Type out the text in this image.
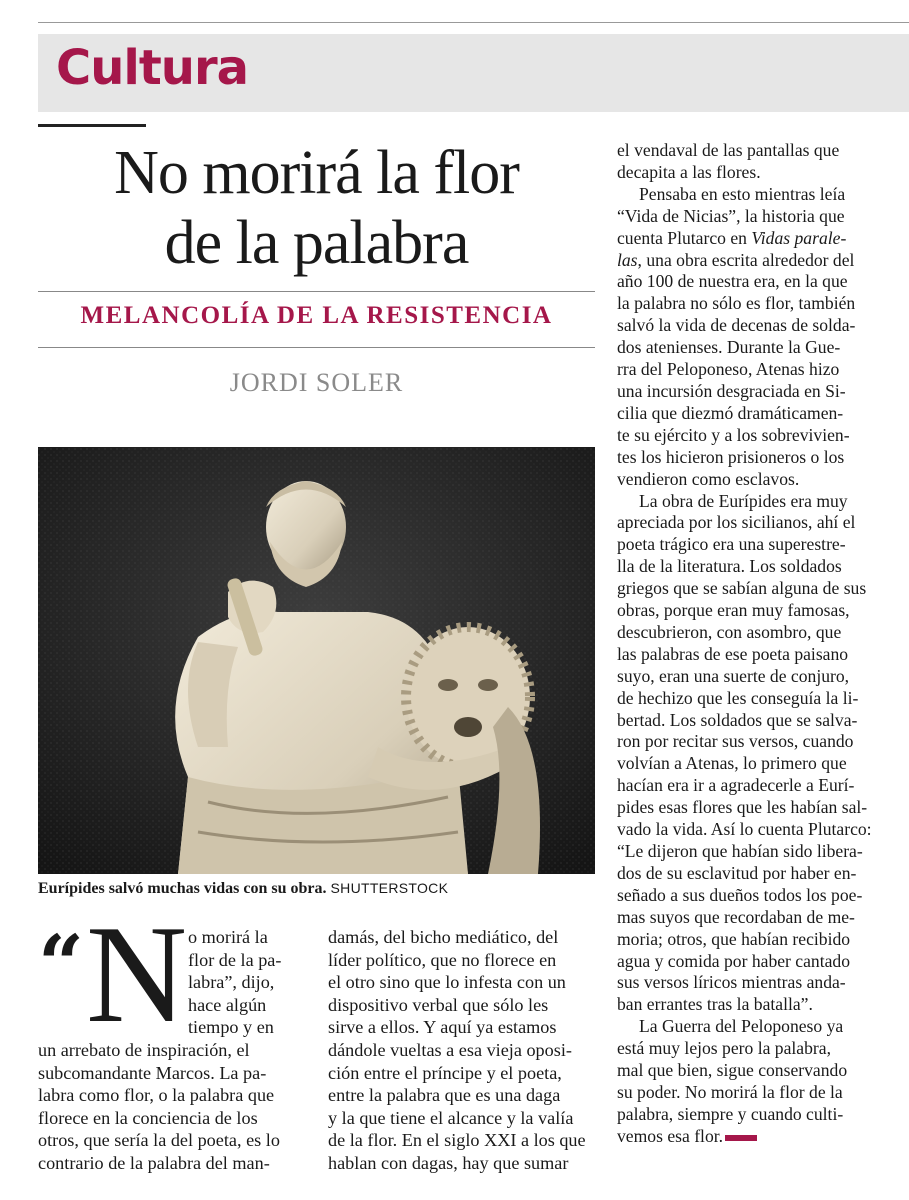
Cultura
No morirá la flor
de la palabra
MELANCOLÍA DE LA RESISTENCIA
JORDI SOLER
Eurípides salvó muchas vidas con su obra. SHUTTERSTOCK
“ N o morirá la
flor de la pa-
labra”, dijo,
hace algún
tiempo y en
un arrebato de inspiración, el
subcomandante Marcos. La pa-
labra como flor, o la palabra que
florece en la conciencia de los
otros, que sería la del poeta, es lo
contrario de la palabra del man-
damás, del bicho mediático, del
líder político, que no florece en
el otro sino que lo infesta con un
dispositivo verbal que sólo les
sirve a ellos. Y aquí ya estamos
dándole vueltas a esa vieja oposi-
ción entre el príncipe y el poeta,
entre la palabra que es una daga
y la que tiene el alcance y la valía
de la flor. En el siglo XXI a los que
hablan con dagas, hay que sumar
el vendaval de las pantallas que
decapita a las flores.
Pensaba en esto mientras leía
“Vida de Nicias”, la historia que
cuenta Plutarco en Vidas parale-
las, una obra escrita alrededor del
año 100 de nuestra era, en la que
la palabra no sólo es flor, también
salvó la vida de decenas de solda-
dos atenienses. Durante la Gue-
rra del Peloponeso, Atenas hizo
una incursión desgraciada en Si-
cilia que diezmó dramáticamen-
te su ejército y a los sobrevivien-
tes los hicieron prisioneros o los
vendieron como esclavos.
La obra de Eurípides era muy
apreciada por los sicilianos, ahí el
poeta trágico era una superestre-
lla de la literatura. Los soldados
griegos que se sabían alguna de sus
obras, porque eran muy famosas,
descubrieron, con asombro, que
las palabras de ese poeta paisano
suyo, eran una suerte de conjuro,
de hechizo que les conseguía la li-
bertad. Los soldados que se salva-
ron por recitar sus versos, cuando
volvían a Atenas, lo primero que
hacían era ir a agradecerle a Eurí-
pides esas flores que les habían sal-
vado la vida. Así lo cuenta Plutarco:
“Le dijeron que habían sido libera-
dos de su esclavitud por haber en-
señado a sus dueños todos los poe-
mas suyos que recordaban de me-
moria; otros, que habían recibido
agua y comida por haber cantado
sus versos líricos mientras anda-
ban errantes tras la batalla”.
La Guerra del Peloponeso ya
está muy lejos pero la palabra,
mal que bien, sigue conservando
su poder. No morirá la flor de la
palabra, siempre y cuando culti-
vemos esa flor.
